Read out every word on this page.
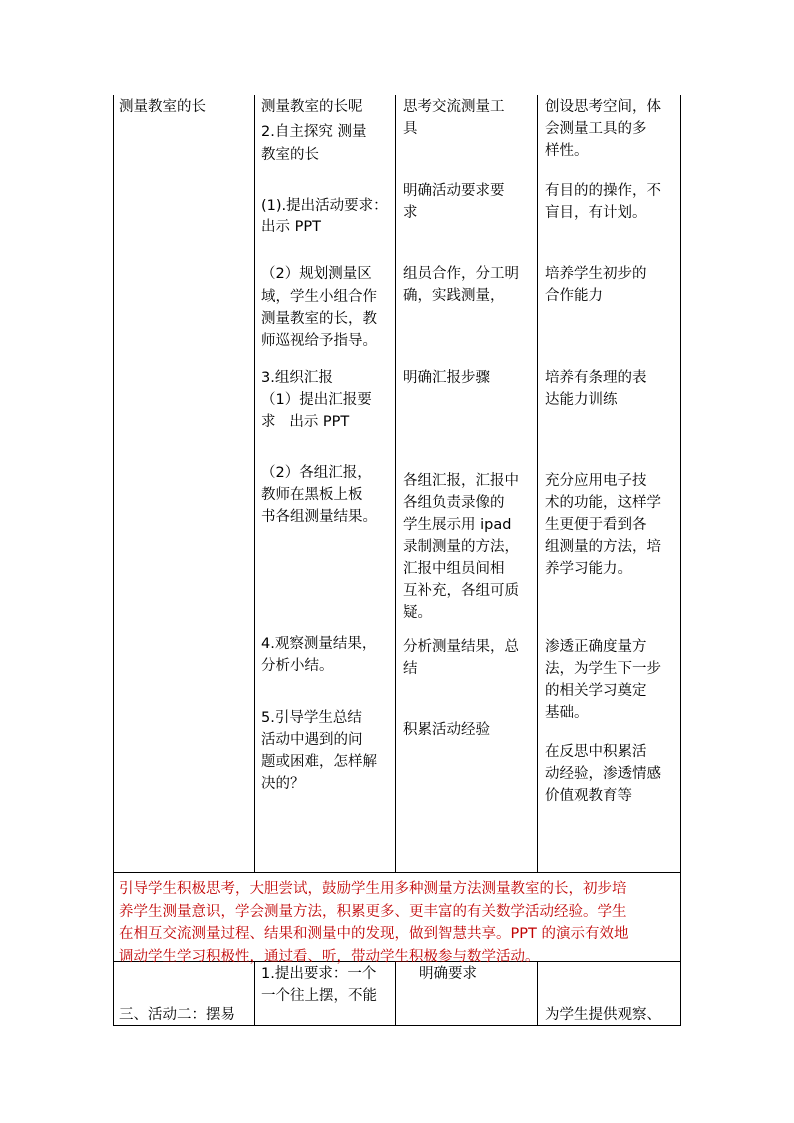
测量教室的长	测量教室的长呢
2.自主探究 测量
教室的长
(1).提出活动要求：
出示 PPT
（2）规划测量区
域，学生小组合作
测量教室的长，教
师巡视给予指导。
3.组织汇报
（1）提出汇报要
求   出示 PPT
（2）各组汇报，
教师在黑板上板
书各组测量结果。
4.观察测量结果，
分析小结。
5.引导学生总结
活动中遇到的问
题或困难，怎样解
决的？
思考交流测量工
具
明确活动要求要
求
组员合作，分工明
确，实践测量，
明确汇报步骤
各组汇报，汇报中
各组负责录像的
学生展示用 ipad
录制测量的方法，
汇报中组员间相
互补充，各组可质
疑。
分析测量结果，总
结
积累活动经验
创设思考空间，体
会测量工具的多
样性。
有目的的操作，不
盲目，有计划。
培养学生初步的
合作能力
培养有条理的表
达能力训练
充分应用电子技
术的功能，这样学
生更便于看到各
组测量的方法，培
养学习能力。
渗透正确度量方
法，为学生下一步
的相关学习奠定
基础。
在反思中积累活
动经验，渗透情感
价值观教育等
引导学生积极思考，大胆尝试，鼓励学生用多种测量方法测量教室的长，初步培
养学生测量意识，学会测量方法，积累更多、更丰富的有关数学活动经验。学生
在相互交流测量过程、结果和测量中的发现，做到智慧共享。PPT 的演示有效地
调动学生学习积极性，通过看、听，带动学生积极参与数学活动。
三、活动二：摆易
1.提出要求：一个
一个往上摆，不能
明确要求
为学生提供观察、
